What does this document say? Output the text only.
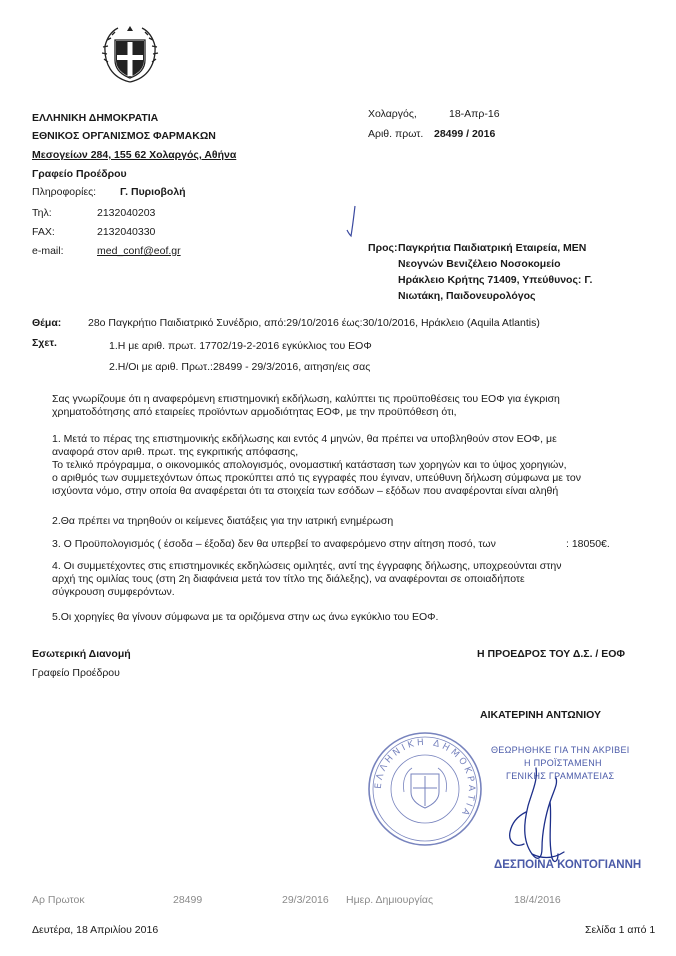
ΕΛΛΗΝΙΚΗ ΔΗΜΟΚΡΑΤΙΑ
ΕΘΝΙΚΟΣ ΟΡΓΑΝΙΣΜΟΣ ΦΑΡΜΑΚΩΝ
Μεσογείων 284, 155 62 Χολαργός, Αθήνα
Γραφείο Προέδρου
Πληροφορίες: Γ. Πυριοβολή
Τηλ:	2132040203
FAX:	2132040330
e-mail:	med_conf@eof.gr
Χολαργός,	18-Απρ-16
Αριθ. πρωτ. 28499 / 2016
Προς: Παγκρήτια Παιδιατρική Εταιρεία, ΜΕΝ
Νεογνών Βενιζέλειο Νοσοκομείο
Ηράκλειο Κρήτης 71409, Υπεύθυνος: Γ.
Νιωτάκη, Παιδονευρολόγος
Θέμα:	28ο Παγκρήτιο Παιδιατρικό Συνέδριο, από:29/10/2016 έως:30/10/2016, Ηράκλειο (Aquila Atlantis)
Σχετ.	1.Η με αριθ. πρωτ. 17702/19-2-2016 εγκύκλιος του ΕΟΦ
2.Η/Οι με αριθ. Πρωτ.:28499 - 29/3/2016, αιτηση/εις σας
Σας γνωρίζουμε ότι η αναφερόμενη επιστημονική εκδήλωση, καλύπτει τις προϋποθέσεις του ΕΟΦ για έγκριση
χρηματοδότησης από εταιρείες προϊόντων αρμοδιότητας ΕΟΦ, με την προϋπόθεση ότι,
1. Μετά το πέρας της επιστημονικής εκδήλωσης και εντός 4 μηνών, θα πρέπει να υποβληθούν στον ΕΟΦ, με
αναφορά στον αριθ. πρωτ. της εγκριτικής απόφασης,
Το τελικό πρόγραμμα, ο οικονομικός απολογισμός, ονομαστική κατάσταση των χορηγών και το ύψος χορηγιών,
ο αριθμός των συμμετεχόντων όπως προκύπτει από τις εγγραφές που έγιναν, υπεύθυνη δήλωση σύμφωνα με τον
ισχύοντα νόμο, στην οποία θα αναφέρεται ότι τα στοιχεία των εσόδων – εξόδων που αναφέρονται είναι αληθή
2.Θα πρέπει να τηρηθούν οι κείμενες διατάξεις για την ιατρική ενημέρωση
3. Ο Προϋπολογισμός ( έσοδα – έξοδα) δεν θα υπερβεί το αναφερόμενο στην αίτηση ποσό, των	: 18050€.
4. Οι συμμετέχοντες στις επιστημονικές εκδηλώσεις ομιλητές, αντί της έγγραφης δήλωσης, υποχρεούνται στην
αρχή της ομιλίας τους (στη 2η διαφάνεια μετά τον τίτλο της διάλεξης), να αναφέρονται σε οποιαδήποτε
σύγκρουση συμφερόντων.
5.Οι χορηγίες θα γίνουν σύμφωνα με τα οριζόμενα στην ως άνω εγκύκλιο του ΕΟΦ.
Εσωτερική Διανομή
Γραφείο Προέδρου
Η ΠΡΟΕΔΡΟΣ ΤΟΥ Δ.Σ. / ΕΟΦ
ΑΙΚΑΤΕΡΙΝΗ ΑΝΤΩΝΙΟΥ
ΕΛΛΗΝΙΚΗ ΔΗΜΟΚΡΑΤΙΑ
ΘΕΩΡΗΘΗΚΕ ΓΙΑ ΤΗΝ ΑΚΡΙΒΕΙ
Η ΠΡΟΪΣΤΑΜΕΝΗ
ΓΕΝΙΚΗΣ ΓΡΑΜΜΑΤΕΙΑΣ
ΔΕΣΠΟΙΝΑ ΚΟΝΤΟΓΙΑΝΝΗ
Αρ Πρωτοκ	28499	29/3/2016 Ημερ. Δημιουργίας	18/4/2016
Δευτέρα, 18 Απριλίου 2016	Σελίδα 1 από 1
